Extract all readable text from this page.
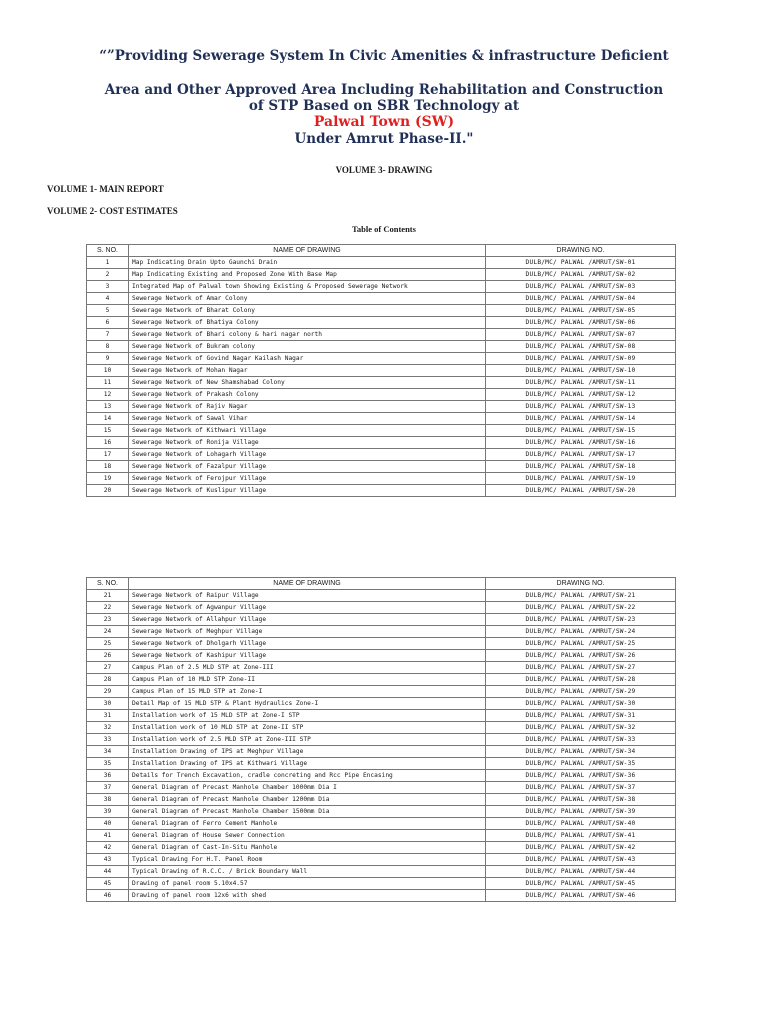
“”Providing Sewerage System In Civic Amenities & infrastructure Deficient
Area and Other Approved Area Including Rehabilitation and Construction
of STP Based on SBR Technology at
Palwal Town (SW)
Under Amrut Phase-II."
VOLUME 3- DRAWING
VOLUME 1- MAIN REPORT
VOLUME 2- COST ESTIMATES
Table of Contents
S. NO.	NAME OF DRAWING	DRAWING NO.
1	Map Indicating Drain Upto Gaunchi Drain	DULB/MC/ PALWAL /AMRUT/SW-01
2	Map Indicating Existing and Proposed Zone With Base Map	DULB/MC/ PALWAL /AMRUT/SW-02
3	Integrated Map of Palwal town Showing Existing & Proposed Sewerage Network	DULB/MC/ PALWAL /AMRUT/SW-03
4	Sewerage Network of Amar Colony	DULB/MC/ PALWAL /AMRUT/SW-04
5	Sewerage Network of Bharat Colony	DULB/MC/ PALWAL /AMRUT/SW-05
6	Sewerage Network of Bhatiya Colony	DULB/MC/ PALWAL /AMRUT/SW-06
7	Sewerage Network of Bhari colony & hari nagar north	DULB/MC/ PALWAL /AMRUT/SW-07
8	Sewerage Network of Bukram colony	DULB/MC/ PALWAL /AMRUT/SW-08
9	Sewerage Network of Govind Nagar Kailash Nagar	DULB/MC/ PALWAL /AMRUT/SW-09
10	Sewerage Network of Mohan Nagar	DULB/MC/ PALWAL /AMRUT/SW-10
11	Sewerage Network of New Shamshabad Colony	DULB/MC/ PALWAL /AMRUT/SW-11
12	Sewerage Network of Prakash Colony	DULB/MC/ PALWAL /AMRUT/SW-12
13	Sewerage Network of Rajiv Nagar	DULB/MC/ PALWAL /AMRUT/SW-13
14	Sewerage Network of Sawal Vihar	DULB/MC/ PALWAL /AMRUT/SW-14
15	Sewerage Network of Kithwari Village	DULB/MC/ PALWAL /AMRUT/SW-15
16	Sewerage Network of Ronija Village	DULB/MC/ PALWAL /AMRUT/SW-16
17	Sewerage Network of Lohagarh Village	DULB/MC/ PALWAL /AMRUT/SW-17
18	Sewerage Network of Fazalpur Village	DULB/MC/ PALWAL /AMRUT/SW-18
19	Sewerage Network of Ferojpur Village	DULB/MC/ PALWAL /AMRUT/SW-19
20	Sewerage Network of Kuslipur Village	DULB/MC/ PALWAL /AMRUT/SW-20
S. NO.	NAME OF DRAWING	DRAWING NO.
21	Sewerage Network of Raipur Village	DULB/MC/ PALWAL /AMRUT/SW-21
22	Sewerage Network of Agwanpur Village	DULB/MC/ PALWAL /AMRUT/SW-22
23	Sewerage Network of Allahpur Village	DULB/MC/ PALWAL /AMRUT/SW-23
24	Sewerage Network of Meghpur Village	DULB/MC/ PALWAL /AMRUT/SW-24
25	Sewerage Network of Dholgarh Village	DULB/MC/ PALWAL /AMRUT/SW-25
26	Sewerage Network of Kashipur Village	DULB/MC/ PALWAL /AMRUT/SW-26
27	Campus Plan of 2.5 MLD STP at Zone-III	DULB/MC/ PALWAL /AMRUT/SW-27
28	Campus Plan of 10 MLD STP Zone-II	DULB/MC/ PALWAL /AMRUT/SW-28
29	Campus Plan of 15 MLD STP at Zone-I	DULB/MC/ PALWAL /AMRUT/SW-29
30	Detail Map of 15 MLD STP & Plant Hydraulics Zone-I	DULB/MC/ PALWAL /AMRUT/SW-30
31	Installation work of 15 MLD STP at Zone-I STP	DULB/MC/ PALWAL /AMRUT/SW-31
32	Installation work of 10 MLD STP at Zone-II STP	DULB/MC/ PALWAL /AMRUT/SW-32
33	Installation work of 2.5 MLD STP at Zone-III STP	DULB/MC/ PALWAL /AMRUT/SW-33
34	Installation Drawing of IPS at Meghpur Village	DULB/MC/ PALWAL /AMRUT/SW-34
35	Installation Drawing of IPS at Kithwari Village	DULB/MC/ PALWAL /AMRUT/SW-35
36	Details for Trench Excavation, cradle concreting and Rcc Pipe Encasing	DULB/MC/ PALWAL /AMRUT/SW-36
37	General Diagram of Precast Manhole Chamber 1000mm Dia I	DULB/MC/ PALWAL /AMRUT/SW-37
38	General Diagram of Precast Manhole Chamber 1200mm Dia	DULB/MC/ PALWAL /AMRUT/SW-38
39	General Diagram of Precast Manhole Chamber 1500mm Dia	DULB/MC/ PALWAL /AMRUT/SW-39
40	General Diagram of Ferro Cement Manhole	DULB/MC/ PALWAL /AMRUT/SW-40
41	General Diagram of House Sewer Connection	DULB/MC/ PALWAL /AMRUT/SW-41
42	General Diagram of Cast-In-Situ Manhole	DULB/MC/ PALWAL /AMRUT/SW-42
43	Typical Drawing For H.T. Panel Room	DULB/MC/ PALWAL /AMRUT/SW-43
44	Typical Drawing of R.C.C. / Brick Boundary Wall	DULB/MC/ PALWAL /AMRUT/SW-44
45	Drawing of panel room 5.10x4.57	DULB/MC/ PALWAL /AMRUT/SW-45
46	Drawing of panel room 12x6 with shed	DULB/MC/ PALWAL /AMRUT/SW-46
